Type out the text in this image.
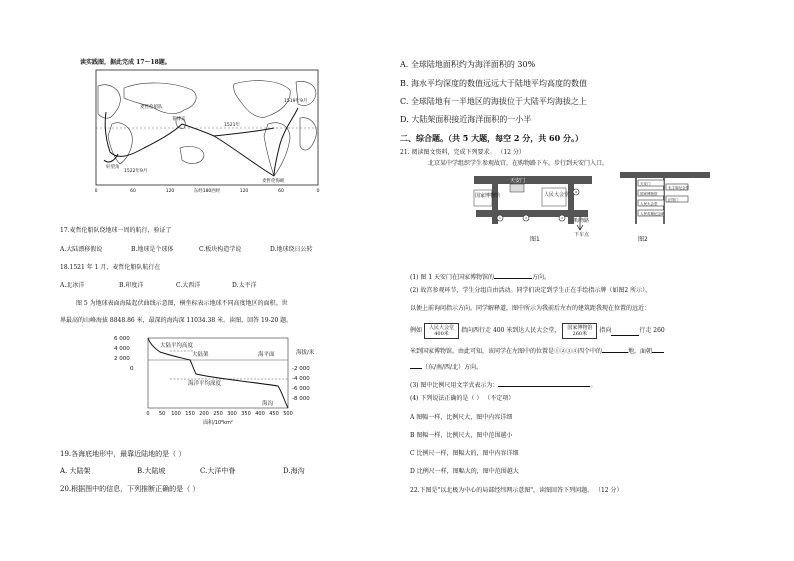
读实践图，据此完成 17～18题。
麦哲伦船队
好望角
1519年9月
1521年
菲律宾
麦哲伦海峡
1522年9月
0	60	120	东经180西经	120	60	0
17.麦哲伦船队绕地球一周的航行，验证了
A.大陆漂移假说	B.地球是个球体	C.板块构造学说	D.地球绕日公转
18.1521 年 1 月，麦哲伦船队航行在
A.北冰洋	B.印度洋	C.大西洋	D.太平洋
图 5 为地球表面海陆起伏曲线示意图，横坐标表示地球不同高度地区的面积。世
界最高的山峰海拔 8848.86 米，最深的海沟深 11034.38 米。读图，回答 19-20 题。
6 000
4 000
2 000
0	-2 000
-4 000
-6 000
-8 000
海拔/米
大陆平均高度
大陆架	海平面
海洋平均深度
海沟
0 50 100 150 200 250 300 350 400 450 500
面积/10⁶km²
19.各海底地形中，最靠近陆地的是（ ）
A. 大陆架	B.大陆坡	C.大洋中脊	D.海沟
20.根据图中的信息，下列推断正确的是（ ）
A. 全球陆地面积约为海洋面积的 30%
B. 海水平均深度的数值远远大于陆地平均高度的数值
C. 全球陆地有一半地区的海拔位于大陆平均海拔之上
D. 大陆架面积接近海洋面积的一小半
二、综合题。（共 5 大题，每空 2 分，共 60 分。）
21. 阅读图文资料，完成下列要求。 （12 分）
北京某中学组织学生参观故宫，在购物路下车，步行到天安门入口。
1	2	3
4
国家博物馆	人民大会堂
天安门
下车点
购物路
图1
天安门
国家博物馆
人民大会堂
人民英雄纪念碑
毛主席纪念堂
正阳门
图2
(1) 图 1 天安门在国家博物馆的	方向。
(2) 故宫参观环节，学生分组自由活动。同学们决定到学生正在手绘指示牌（如图2 所示），
以便上前询问指示方向。同学解释道，图中所示为我前后左右的建筑距我现在位置的远近：
例如 人民大会堂
400米 指向西行走 400 米到达人民大会堂， 国家博物馆
260米 指向	行走 260
米到国家博物馆。由此可知，该同学在左图中的位置是①②③④四个中的	地，面朝
（东/南/西/北）方向。
(3) 图中比例尺用文字式表示为：	。
(4) 下列说法正确的是（ ） （不定项）
A 图幅一样，比例尺大，图中内容详细
B 图幅一样，比例尺大，图中范围越小
C 比例尺一样，图幅大的，图中内容详细
D 比例尺一样，图幅大的，图中范围越大
22.下图是"以北极为中心的局部经纬网示意图"，读图回答下列问题。 （12 分）
